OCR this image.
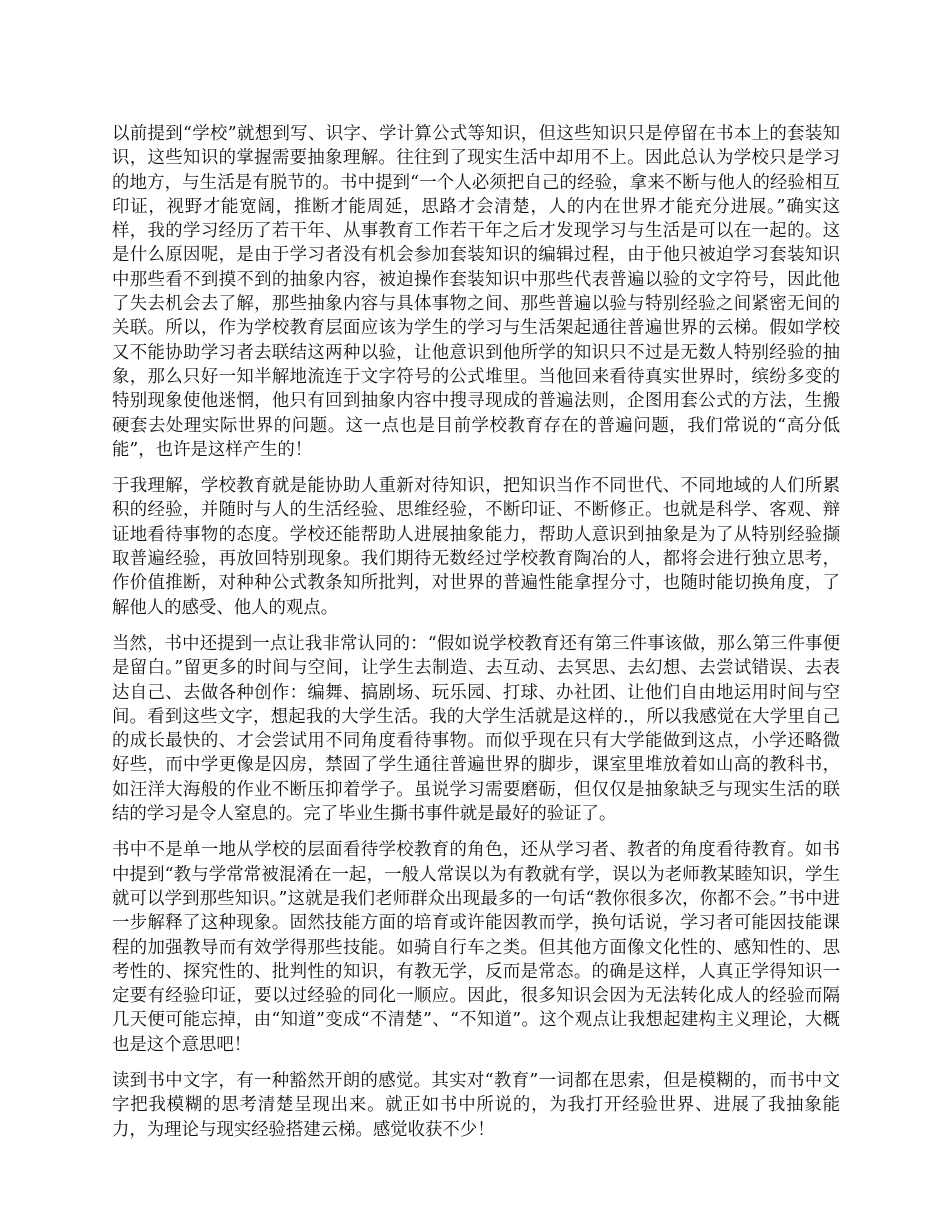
以前提到“学校”就想到写、识字、学计算公式等知识，但这些知识只是停留在书本上的套装知识，这些知识的掌握需要抽象理解。往往到了现实生活中却用不上。因此总认为学校只是学习的地方，与生活是有脱节的。书中提到“一个人必须把自己的经验，拿来不断与他人的经验相互印证，视野才能宽阔，推断才能周延，思路才会清楚，人的内在世界才能充分进展。”确实这样，我的学习经历了若干年、从事教育工作若干年之后才发现学习与生活是可以在一起的。这是什么原因呢，是由于学习者没有机会参加套装知识的编辑过程，由于他只被迫学习套装知识中那些看不到摸不到的抽象内容，被迫操作套装知识中那些代表普遍以验的文字符号，因此他了失去机会去了解，那些抽象内容与具体事物之间、那些普遍以验与特别经验之间紧密无间的关联。所以，作为学校教育层面应该为学生的学习与生活架起通往普遍世界的云梯。假如学校又不能协助学习者去联结这两种以验，让他意识到他所学的知识只不过是无数人特别经验的抽象，那么只好一知半解地流连于文字符号的公式堆里。当他回来看待真实世界时，缤纷多变的特别现象使他迷惘，他只有回到抽象内容中搜寻现成的普遍法则，企图用套公式的方法，生搬硬套去处理实际世界的问题。这一点也是目前学校教育存在的普遍问题，我们常说的“高分低能”，也许是这样产生的！

于我理解，学校教育就是能协助人重新对待知识，把知识当作不同世代、不同地域的人们所累积的经验，并随时与人的生活经验、思维经验，不断印证、不断修正。也就是科学、客观、辩证地看待事物的态度。学校还能帮助人进展抽象能力，帮助人意识到抽象是为了从特别经验撷取普遍经验，再放回特别现象。我们期待无数经过学校教育陶冶的人，都将会进行独立思考，作价值推断，对种种公式教条知所批判，对世界的普遍性能拿捏分寸，也随时能切换角度，了解他人的感受、他人的观点。

当然，书中还提到一点让我非常认同的：“假如说学校教育还有第三件事该做，那么第三件事便是留白。”留更多的时间与空间，让学生去制造、去互动、去冥思、去幻想、去尝试错误、去表达自己、去做各种创作：编舞、搞剧场、玩乐园、打球、办社团、让他们自由地运用时间与空间。看到这些文字，想起我的大学生活。我的大学生活就是这样的.，所以我感觉在大学里自己的成长最快的、才会尝试用不同角度看待事物。而似乎现在只有大学能做到这点，小学还略微好些，而中学更像是囚房，禁固了学生通往普遍世界的脚步，课室里堆放着如山高的教科书，如汪洋大海般的作业不断压抑着学子。虽说学习需要磨砺，但仅仅是抽象缺乏与现实生活的联结的学习是令人窒息的。完了毕业生撕书事件就是最好的验证了。

书中不是单一地从学校的层面看待学校教育的角色，还从学习者、教者的角度看待教育。如书中提到“教与学常常被混淆在一起，一般人常误以为有教就有学，误以为老师教某睦知识，学生就可以学到那些知识。”这就是我们老师群众出现最多的一句话“教你很多次，你都不会。”书中进一步解释了这种现象。固然技能方面的培育或许能因教而学，换句话说，学习者可能因技能课程的加强教导而有效学得那些技能。如骑自行车之类。但其他方面像文化性的、感知性的、思考性的、探究性的、批判性的知识，有教无学，反而是常态。的确是这样，人真正学得知识一定要有经验印证，要以过经验的同化一顺应。因此，很多知识会因为无法转化成人的经验而隔几天便可能忘掉，由“知道”变成“不清楚”、“不知道”。这个观点让我想起建构主义理论，大概也是这个意思吧！

读到书中文字，有一种豁然开朗的感觉。其实对“教育”一词都在思索，但是模糊的，而书中文字把我模糊的思考清楚呈现出来。就正如书中所说的，为我打开经验世界、进展了我抽象能力，为理论与现实经验搭建云梯。感觉收获不少！
